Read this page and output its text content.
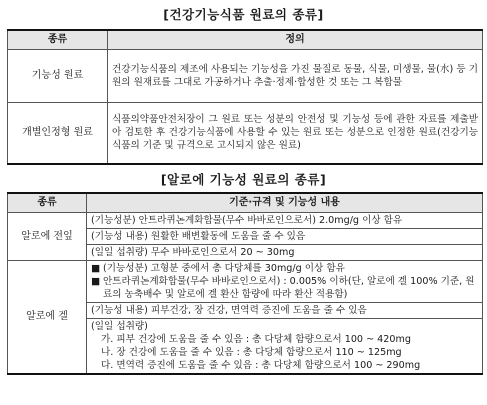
[건강기능식품 원료의 종류]
종류	정의
기능성 원료	건강기능식품의 제조에 사용되는 기능성을 가진 물질로 동물, 식물, 미생물, 물(水) 등 기원의 원재료를 그대로 가공하거나 추출·정제·합성한 것 또는 그 복합물
개별인정형 원료	식품의약품안전처장이 그 원료 또는 성분의 안전성 및 기능성 등에 관한 자료를 제출받아 검토한 후 건강기능식품에 사용할 수 있는 원료 또는 성분으로 인정한 원료(건강기능식품의 기준 및 규격으로 고시되지 않은 원료)
[알로에 기능성 원료의 종류]
종류	기준·규격 및 기능성 내용
알로에 전잎	(기능성분) 안트라퀴논계화합물(무수 바바로인으로서) 2.0mg/g 이상 함유
	(기능성 내용) 원활한 배변활동에 도움을 줄 수 있음
	(일일 섭취량) 무수 바바로인으로서 20 ~ 30mg
알로에 겔	■ (기능성분) 고형분 중에서 총 다당체를 30mg/g 이상 함유
■ 안트라퀴논계화합물(무수 바바로인으로서) : 0.005% 이하(단, 알로에 겔 100% 기준, 원료의 농축배수 및 알로에 겔 환산 함량에 따라 환산 적용함)

	(기능성 내용) 피부건강, 장 건강, 면역력 증진에 도움을 줄 수 있음

	(일일 섭취량)
가. 피부 건강에 도움을 줄 수 있음 : 총 다당체 함량으로서 100 ~ 420mg
나. 장 건강에 도움을 줄 수 있음 : 총 다당체 함량으로서 110 ~ 125mg
다. 면역력 증진에 도움을 줄 수 있음 : 총 다당체 함량으로서 100 ~ 290mg
